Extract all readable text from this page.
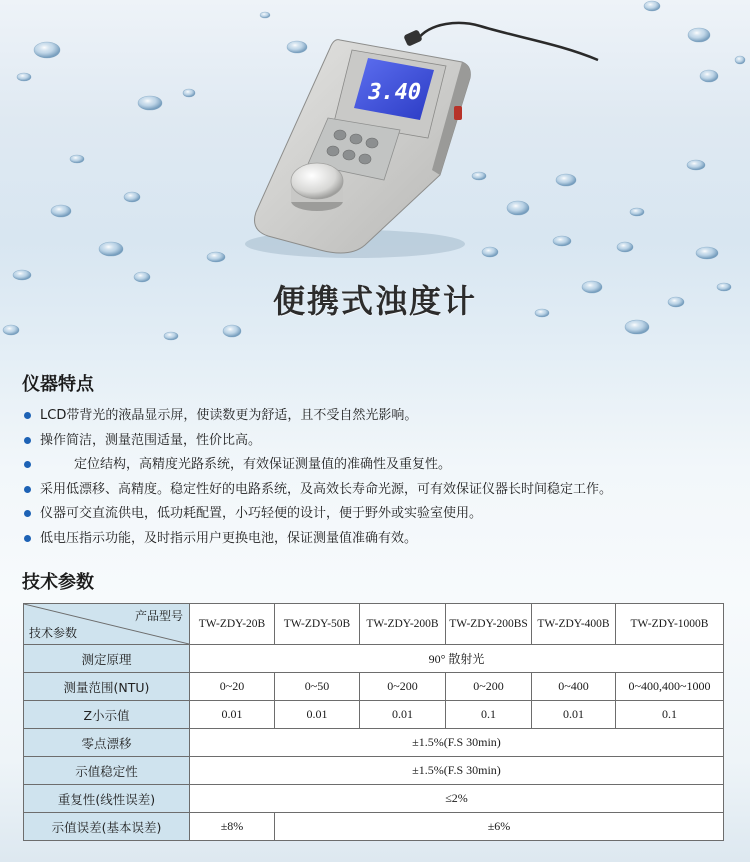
3.40
便携式浊度计
仪器特点
LCD带背光的液晶显示屏，使读数更为舒适，且不受自然光影响。
操作简洁，测量范围适量，性价比高。
定位结构，高精度光路系统，有效保证测量值的准确性及重复性。
采用低漂移、高精度。稳定性好的电路系统，及高效长寿命光源，可有效保证仪器长时间稳定工作。
仪器可交直流供电，低功耗配置，小巧轻便的设计，便于野外或实验室使用。
低电压指示功能，及时指示用户更换电池，保证测量值准确有效。
技术参数
产品型号
技术参数	TW-ZDY-20B	TW-ZDY-50B	TW-ZDY-200B	TW-ZDY-200BS	TW-ZDY-400B	TW-ZDY-1000B
测定原理	90° 散射光					
测量范围(NTU)	0~20	0~50	0~200	0~200	0~400	0~400,400~1000
Z小示值	0.01	0.01	0.01	0.1	0.01	0.1
零点漂移	±1.5%(F.S 30min)					
示值稳定性	±1.5%(F.S 30min)					
重复性(线性误差)	≤2%					
示值误差(基本误差)	±8%	±6%				
